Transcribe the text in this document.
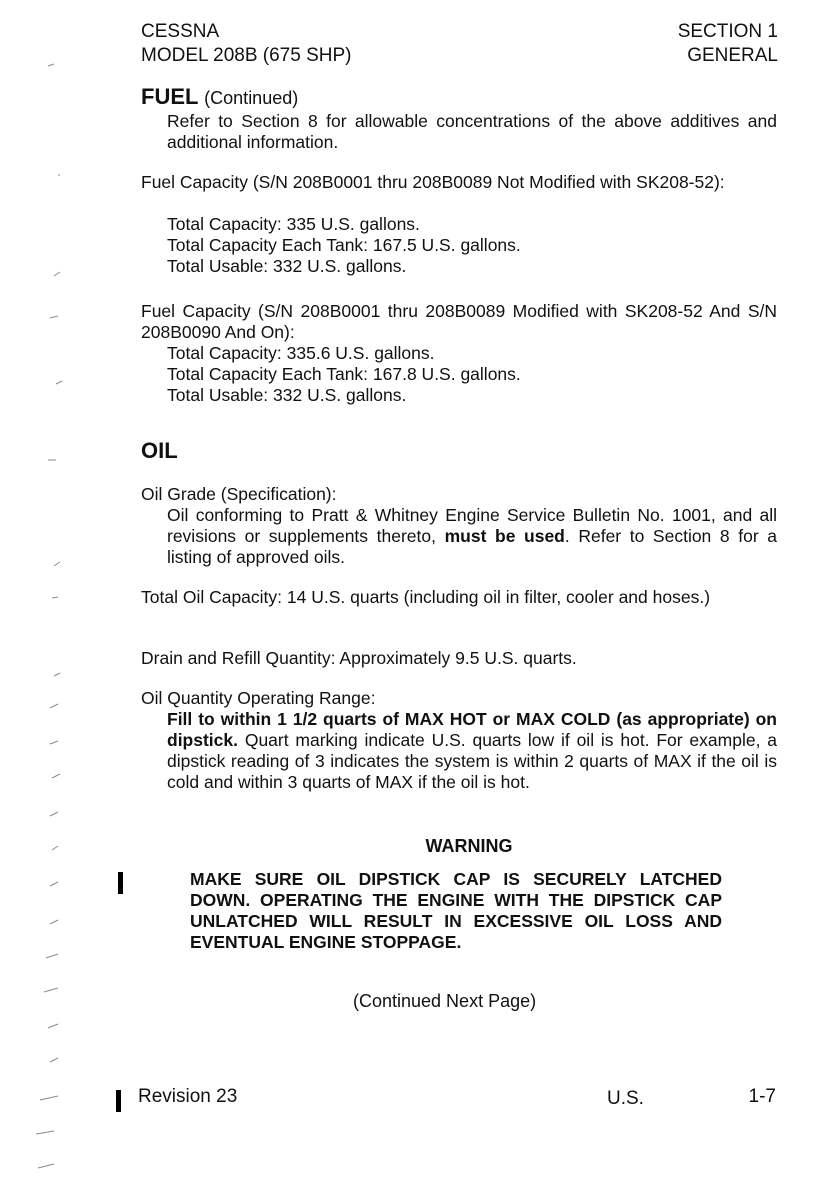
CESSNA
MODEL 208B (675 SHP)
SECTION 1
GENERAL
FUEL (Continued)
Refer to Section 8 for allowable concentrations of the above additives and additional information.
Fuel Capacity (S/N 208B0001 thru 208B0089 Not Modified with SK208-52):
Total Capacity: 335 U.S. gallons.
Total Capacity Each Tank: 167.5 U.S. gallons.
Total Usable: 332 U.S. gallons.
Fuel Capacity (S/N 208B0001 thru 208B0089 Modified with SK208-52 And S/N 208B0090 And On):
Total Capacity: 335.6 U.S. gallons.
Total Capacity Each Tank: 167.8 U.S. gallons.
Total Usable: 332 U.S. gallons.
OIL
Oil Grade (Specification):
Oil conforming to Pratt & Whitney Engine Service Bulletin No. 1001, and all revisions or supplements thereto, must be used. Refer to Section 8 for a listing of approved oils.
Total Oil Capacity: 14 U.S. quarts (including oil in filter, cooler and hoses.)
Drain and Refill Quantity: Approximately 9.5 U.S. quarts.
Oil Quantity Operating Range:
Fill to within 1 1/2 quarts of MAX HOT or MAX COLD (as appropriate) on dipstick. Quart marking indicate U.S. quarts low if oil is hot. For example, a dipstick reading of 3 indicates the system is within 2 quarts of MAX if the oil is cold and within 3 quarts of MAX if the oil is hot.
WARNING
MAKE SURE OIL DIPSTICK CAP IS SECURELY LATCHED DOWN. OPERATING THE ENGINE WITH THE DIPSTICK CAP UNLATCHED WILL RESULT IN EXCESSIVE OIL LOSS AND EVENTUAL ENGINE STOPPAGE.
(Continued Next Page)
Revision 23	U.S.	1-7
